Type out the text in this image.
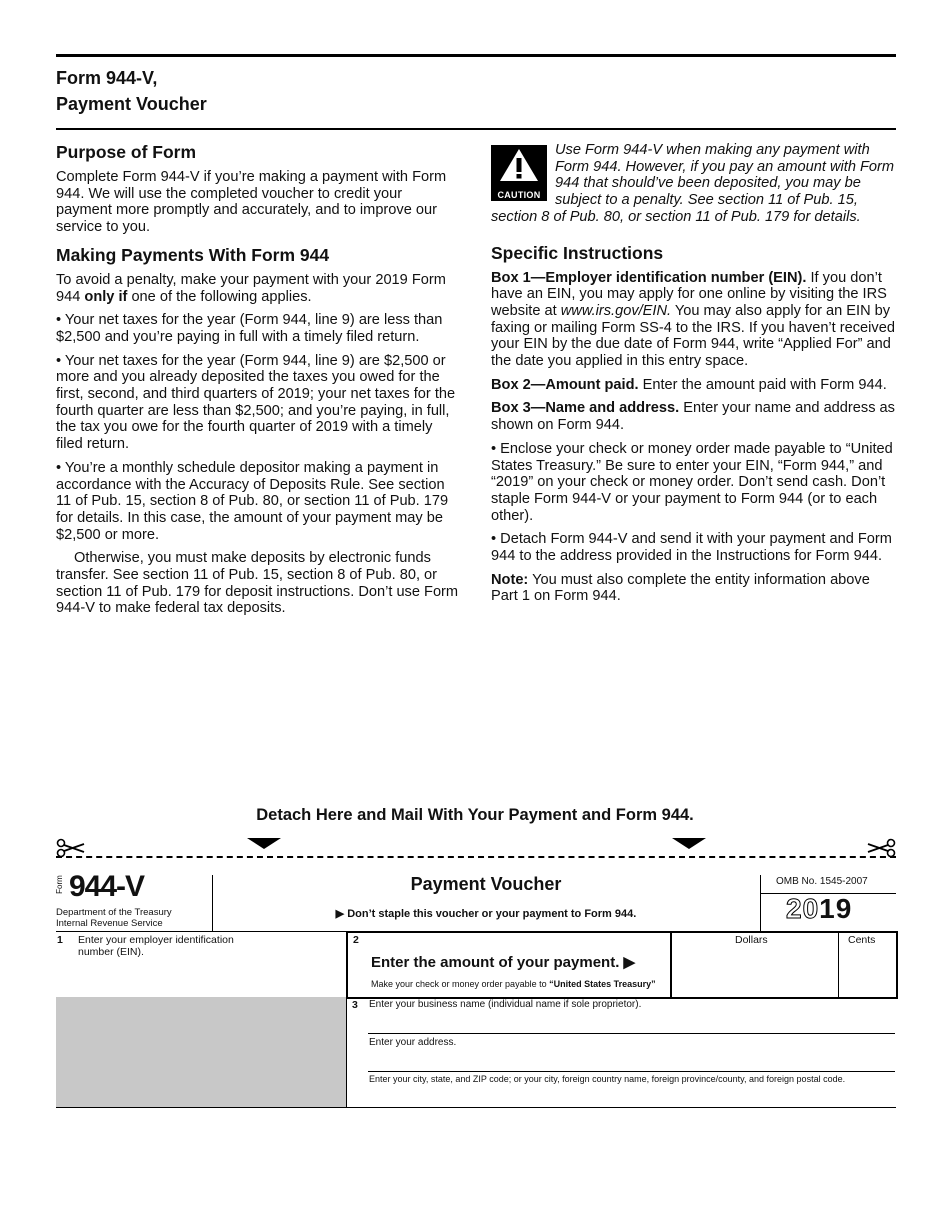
Form 944-V,
Payment Voucher
Purpose of Form
Complete Form 944-V if you’re making a payment with Form 944. We will use the completed voucher to credit your payment more promptly and accurately, and to improve our service to you.
Making Payments With Form 944
To avoid a penalty, make your payment with your 2019 Form 944 only if one of the following applies.
• Your net taxes for the year (Form 944, line 9) are less than $2,500 and you’re paying in full with a timely filed return.
• Your net taxes for the year (Form 944, line 9) are $2,500 or more and you already deposited the taxes you owed for the first, second, and third quarters of 2019; your net taxes for the fourth quarter are less than $2,500; and you’re paying, in full, the tax you owe for the fourth quarter of 2019 with a timely filed return.
• You’re a monthly schedule depositor making a payment in accordance with the Accuracy of Deposits Rule. See section 11 of Pub. 15, section 8 of Pub. 80, or section 11 of Pub. 179 for details. In this case, the amount of your payment may be $2,500 or more.
Otherwise, you must make deposits by electronic funds transfer. See section 11 of Pub. 15, section 8 of Pub. 80, or section 11 of Pub. 179 for deposit instructions. Don’t use Form 944-V to make federal tax deposits.
CAUTION
Use Form 944-V when making any payment with Form 944. However, if you pay an amount with Form 944 that should’ve been deposited, you may be subject to a penalty. See section 11 of Pub. 15, section 8 of Pub. 80, or section 11 of Pub. 179 for details.
Specific Instructions
Box 1—Employer identification number (EIN). If you don’t have an EIN, you may apply for one online by visiting the IRS website at www.irs.gov/EIN. You may also apply for an EIN by faxing or mailing Form SS-4 to the IRS. If you haven’t received your EIN by the due date of Form 944, write “Applied For” and the date you applied in this entry space.
Box 2—Amount paid. Enter the amount paid with Form 944.
Box 3—Name and address. Enter your name and address as shown on Form 944.
• Enclose your check or money order made payable to “United States Treasury.” Be sure to enter your EIN, “Form 944,” and “2019” on your check or money order. Don’t send cash. Don’t staple Form 944-V or your payment to Form 944 (or to each other).
• Detach Form 944-V and send it with your payment and Form 944 to the address provided in the Instructions for Form 944.
Note: You must also complete the entity information above Part 1 on Form 944.
Detach Here and Mail With Your Payment and Form 944.
Form 944-V
Department of the Treasury
Internal Revenue Service
Payment Voucher
▶ Don’t staple this voucher or your payment to Form 944.
OMB No. 1545-2007
2019
1 Enter your employer identification number (EIN).
2
Enter the amount of your payment. ▶
Make your check or money order payable to “United States Treasury”
Dollars	Cents
3 Enter your business name (individual name if sole proprietor).
Enter your address.
Enter your city, state, and ZIP code; or your city, foreign country name, foreign province/county, and foreign postal code.
